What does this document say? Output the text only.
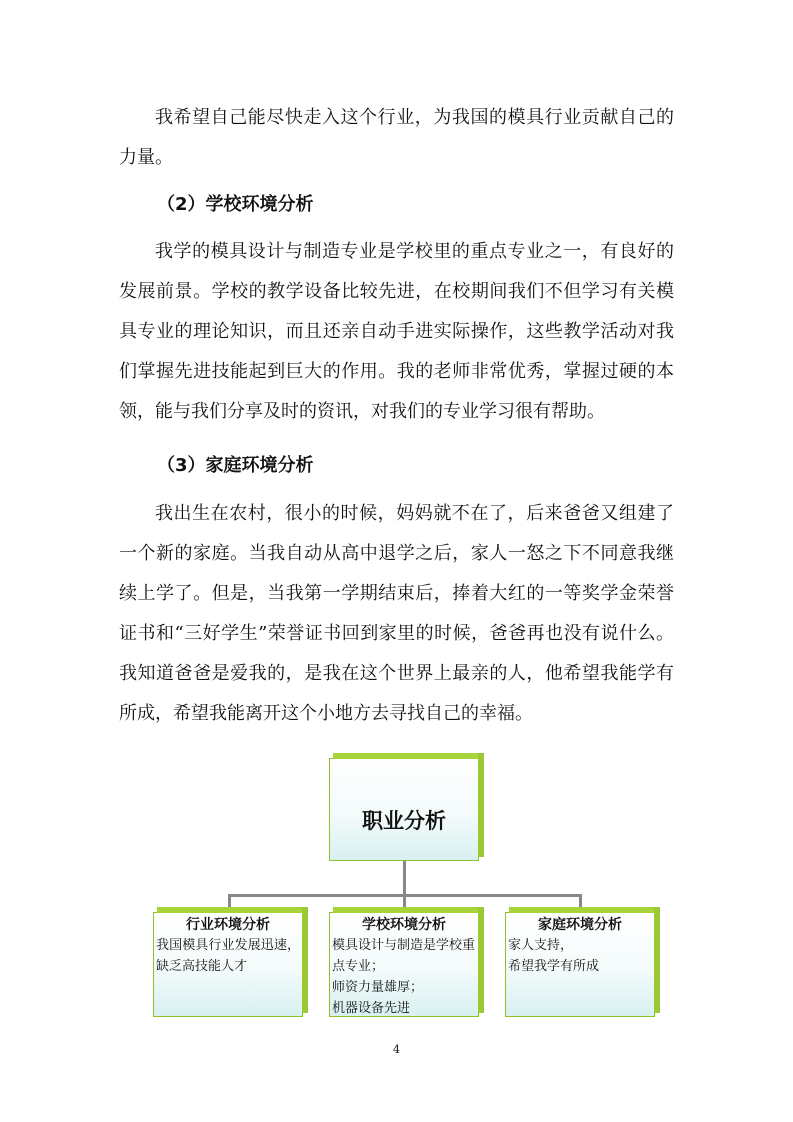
我希望自己能尽快走入这个行业，为我国的模具行业贡献自己的力量。

（2）学校环境分析

我学的模具设计与制造专业是学校里的重点专业之一，有良好的发展前景。学校的教学设备比较先进，在校期间我们不但学习有关模具专业的理论知识，而且还亲自动手进实际操作，这些教学活动对我们掌握先进技能起到巨大的作用。我的老师非常优秀，掌握过硬的本领，能与我们分享及时的资讯，对我们的专业学习很有帮助。

（3）家庭环境分析

我出生在农村，很小的时候，妈妈就不在了，后来爸爸又组建了一个新的家庭。当我自动从高中退学之后，家人一怒之下不同意我继续上学了。但是，当我第一学期结束后，捧着大红的一等奖学金荣誉证书和“三好学生”荣誉证书回到家里的时候，爸爸再也没有说什么。我知道爸爸是爱我的，是我在这个世界上最亲的人，他希望我能学有所成，希望我能离开这个小地方去寻找自己的幸福。

职业分析
行业环境分析
我国模具行业发展迅速，缺乏高技能人才
学校环境分析
模具设计与制造是学校重点专业；
师资力量雄厚；
机器设备先进
家庭环境分析
家人支持，
希望我学有所成
4
